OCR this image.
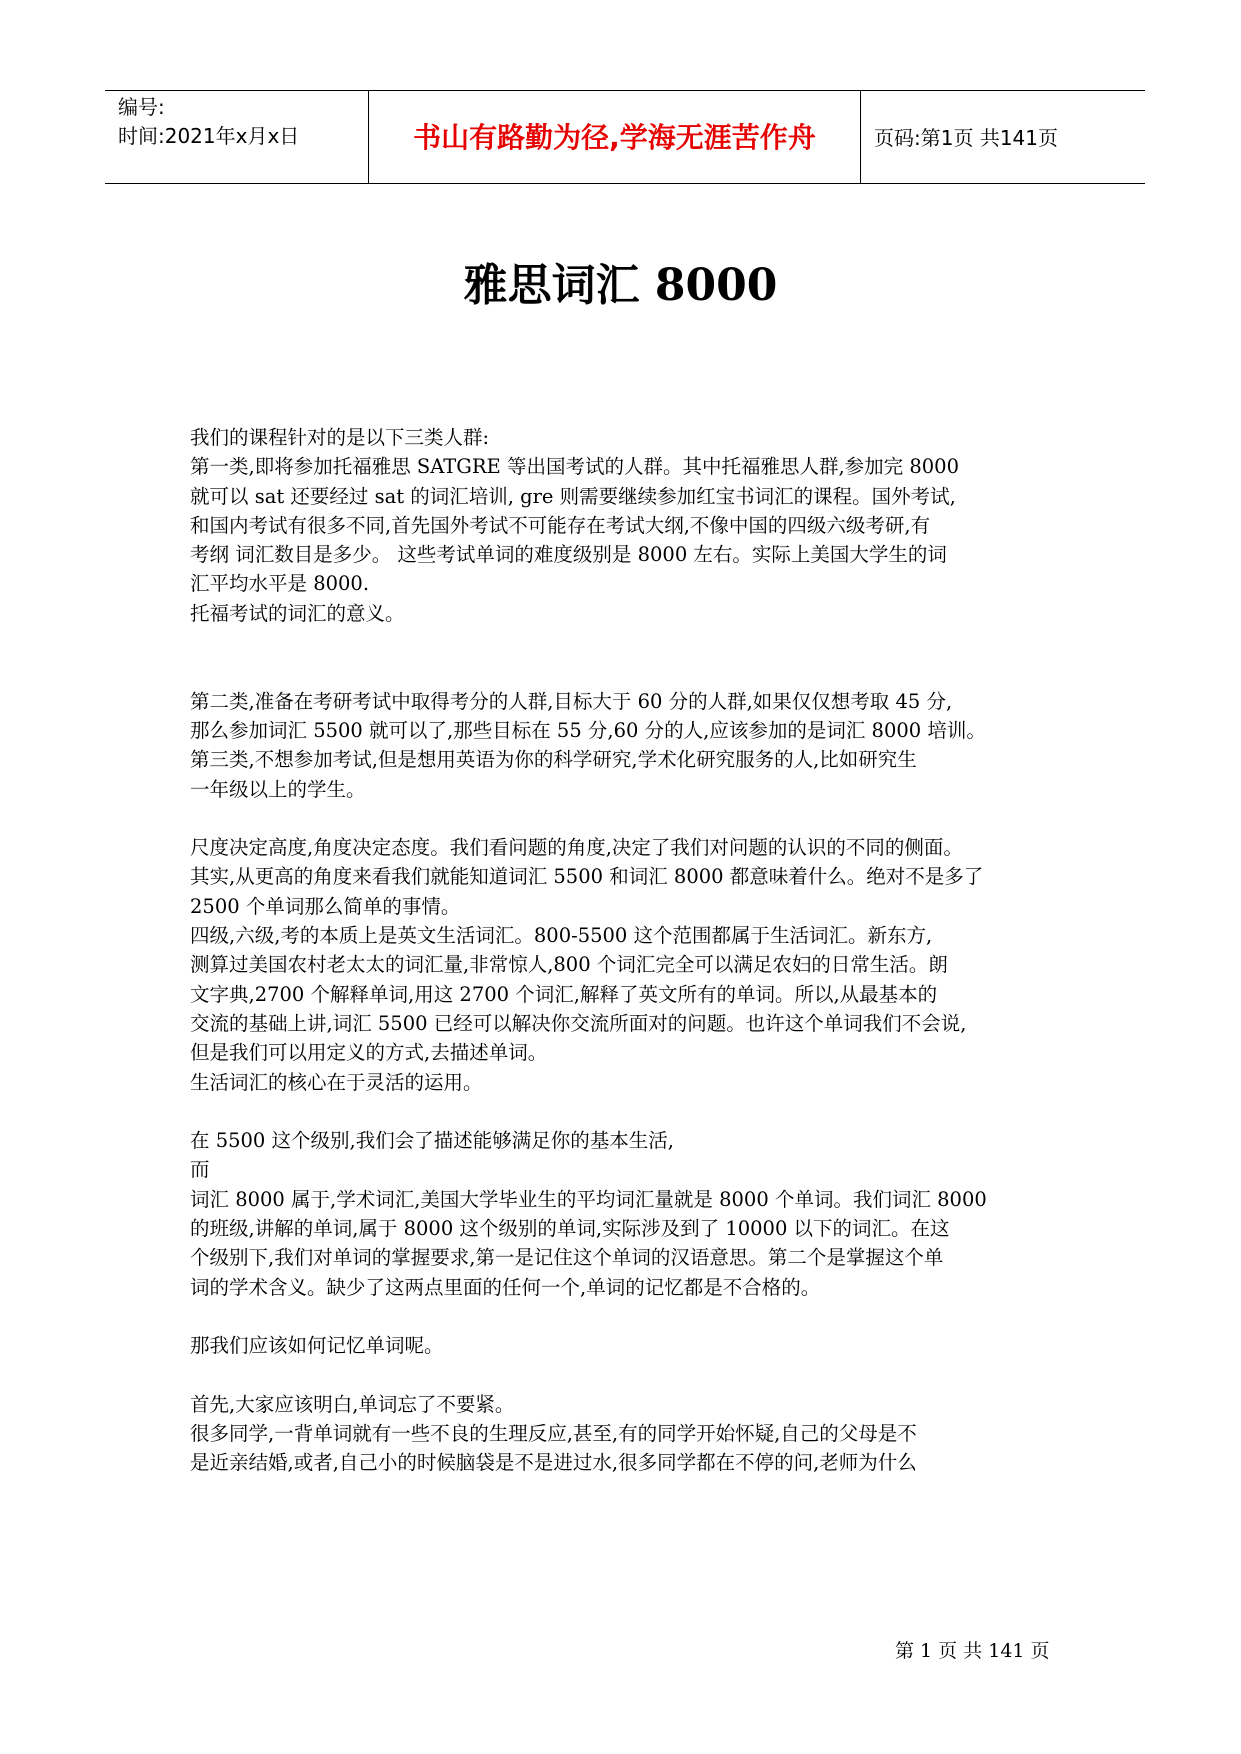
编号:
时间:2021年x月x日	书山有路勤为径,学海无涯苦作舟	页码:第1页 共141页
雅思词汇 8000
我们的课程针对的是以下三类人群:
第一类,即将参加托福雅思 SATGRE 等出国考试的人群。其中托福雅思人群,参加完 8000
就可以 sat 还要经过 sat 的词汇培训, gre 则需要继续参加红宝书词汇的课程。国外考试,
和国内考试有很多不同,首先国外考试不可能存在考试大纲,不像中国的四级六级考研,有
考纲 词汇数目是多少。 这些考试单词的难度级别是 8000 左右。实际上美国大学生的词
汇平均水平是 8000.
托福考试的词汇的意义。
第二类,准备在考研考试中取得考分的人群,目标大于 60 分的人群,如果仅仅想考取 45 分,
那么参加词汇 5500 就可以了,那些目标在 55 分,60 分的人,应该参加的是词汇 8000 培训。
第三类,不想参加考试,但是想用英语为你的科学研究,学术化研究服务的人,比如研究生
一年级以上的学生。
尺度决定高度,角度决定态度。我们看问题的角度,决定了我们对问题的认识的不同的侧面。
其实,从更高的角度来看我们就能知道词汇 5500 和词汇 8000 都意味着什么。绝对不是多了
2500 个单词那么简单的事情。
四级,六级,考的本质上是英文生活词汇。800-5500 这个范围都属于生活词汇。新东方,
测算过美国农村老太太的词汇量,非常惊人,800 个词汇完全可以满足农妇的日常生活。朗
文字典,2700 个解释单词,用这 2700 个词汇,解释了英文所有的单词。所以,从最基本的
交流的基础上讲,词汇 5500 已经可以解决你交流所面对的问题。也许这个单词我们不会说,
但是我们可以用定义的方式,去描述单词。
生活词汇的核心在于灵活的运用。
在 5500 这个级别,我们会了描述能够满足你的基本生活,
而
词汇 8000 属于,学术词汇,美国大学毕业生的平均词汇量就是 8000 个单词。我们词汇 8000
的班级,讲解的单词,属于 8000 这个级别的单词,实际涉及到了 10000 以下的词汇。在这
个级别下,我们对单词的掌握要求,第一是记住这个单词的汉语意思。第二个是掌握这个单
词的学术含义。缺少了这两点里面的任何一个,单词的记忆都是不合格的。
那我们应该如何记忆单词呢。
首先,大家应该明白,单词忘了不要紧。
很多同学,一背单词就有一些不良的生理反应,甚至,有的同学开始怀疑,自己的父母是不
是近亲结婚,或者,自己小的时候脑袋是不是进过水,很多同学都在不停的问,老师为什么
第 1 页 共 141 页
